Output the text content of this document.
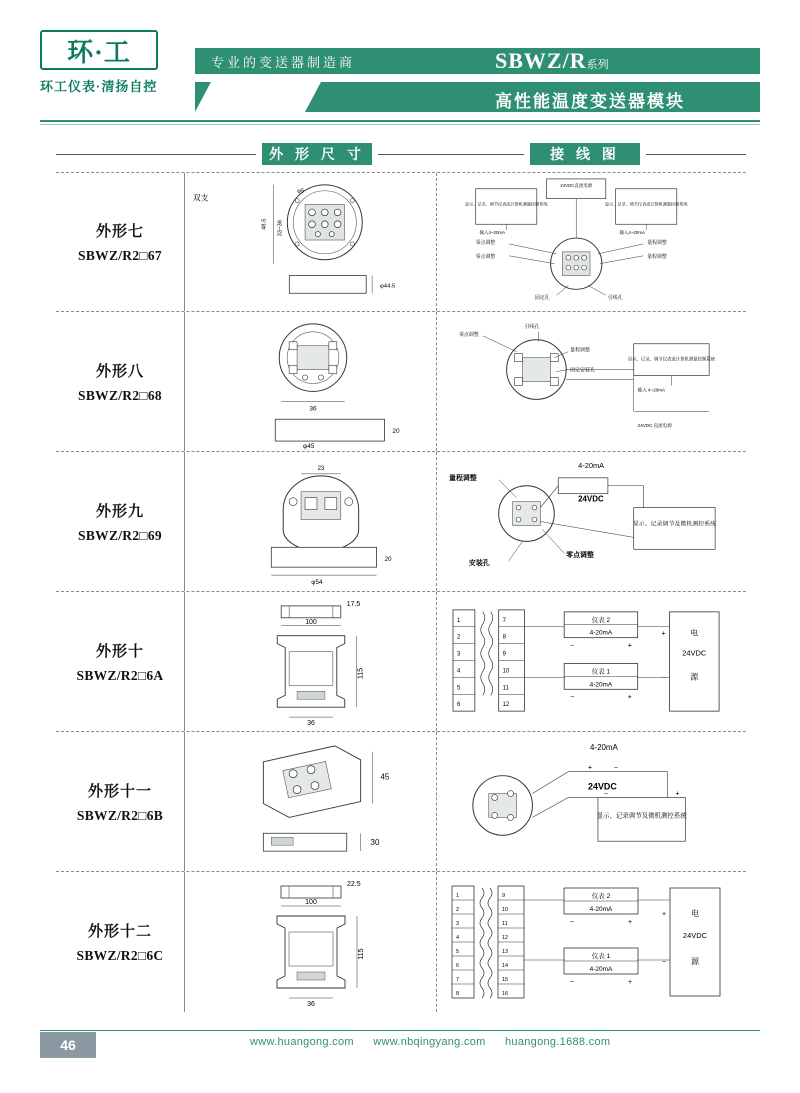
环·工
环工仪表·清扬自控
专业的变送器制造商	SBWZ/R系列
高性能温度变送器模块
外 形 尺 寸	接 线 图
外形七
SBWZ/R2□67
双支
48.5 33~36
φ5
φ44.5
24VDC直流电源
显示、记录、调节仪表或计算机测量控制系统	显示、记录、调节仪表或计算机测量控制系统
输入4~20mA	输入4~20mA
零点调整	量程调整
零点调整	量程调整
固定孔	引线孔
外形八
SBWZ/R2□68
36
φ45
20
零点调整
引线孔
量程调整
固定安装孔
显示、记录、调节仪表或计算机测量控制系统
输入 4~20mA
24VDC 直流电源
外形九
SBWZ/R2□69
23
φ54
20
量程调整
4-20mA
24VDC
显示、记录调节及微机测控系统
零点调整
安装孔
外形十
SBWZ/R2□6A
17.5
100
115
36
1
2
3
4
5
6
7
8
9
10
11
12
仪表 2
4-20mA
仪表 1
4-20mA
−	+
−	+
电
24VDC
源
+
−
外形十一
SBWZ/R2□6B
45
30
4-20mA
+	−
24VDC
显示、记录调节及微机测控系统
−	+
外形十二
SBWZ/R2□6C
22.5
100
115
36
1
2
3
4
5
6
7
8
9
10
11
12
13
14
15
16
仪表 2
4-20mA
仪表 1
4-20mA
−	+
−	+
电
24VDC
源
+
−
46	www.huangong.com www.nbqingyang.com huangong.1688.com
